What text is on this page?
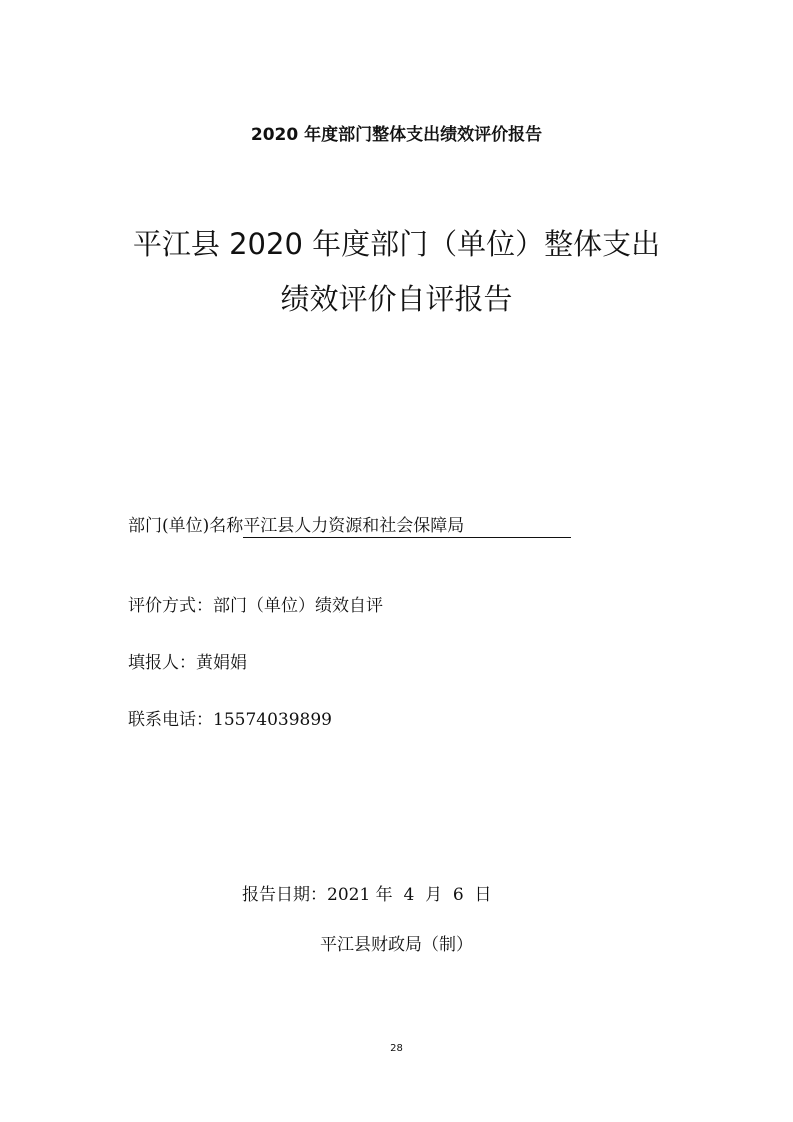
2020 年度部门整体支出绩效评价报告
平江县 2020 年度部门（单位）整体支出
绩效评价自评报告
部门(单位)名称平江县人力资源和社会保障局
评价方式：部门（单位）绩效自评
填报人：黄娟娟
联系电话：15574039899
报告日期：2021 年  4  月  6  日
平江县财政局（制）
28
